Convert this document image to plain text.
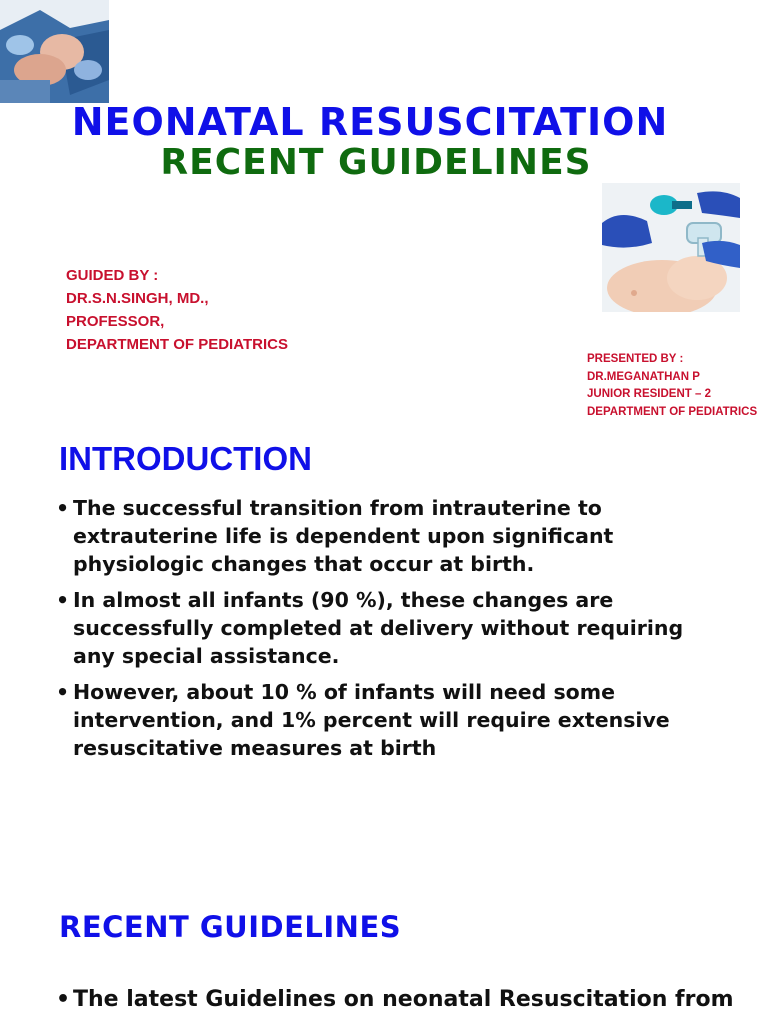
NEONATAL RESUSCITATION
RECENT GUIDELINES
GUIDED BY :
DR.S.N.SINGH, MD.,
PROFESSOR,
DEPARTMENT OF PEDIATRICS
PRESENTED BY :
DR.MEGANATHAN P
JUNIOR RESIDENT – 2
DEPARTMENT OF PEDIATRICS
INTRODUCTION
• The successful transition from intrauterine to extrauterine life is dependent upon significant physiologic changes that occur at birth.
• In almost all infants (90 %), these changes are successfully completed at delivery without requiring any special assistance.
• However, about 10 % of infants will need some intervention, and 1% percent will require extensive resuscitative measures at birth
RECENT GUIDELINES
• The latest Guidelines on neonatal Resuscitation from
